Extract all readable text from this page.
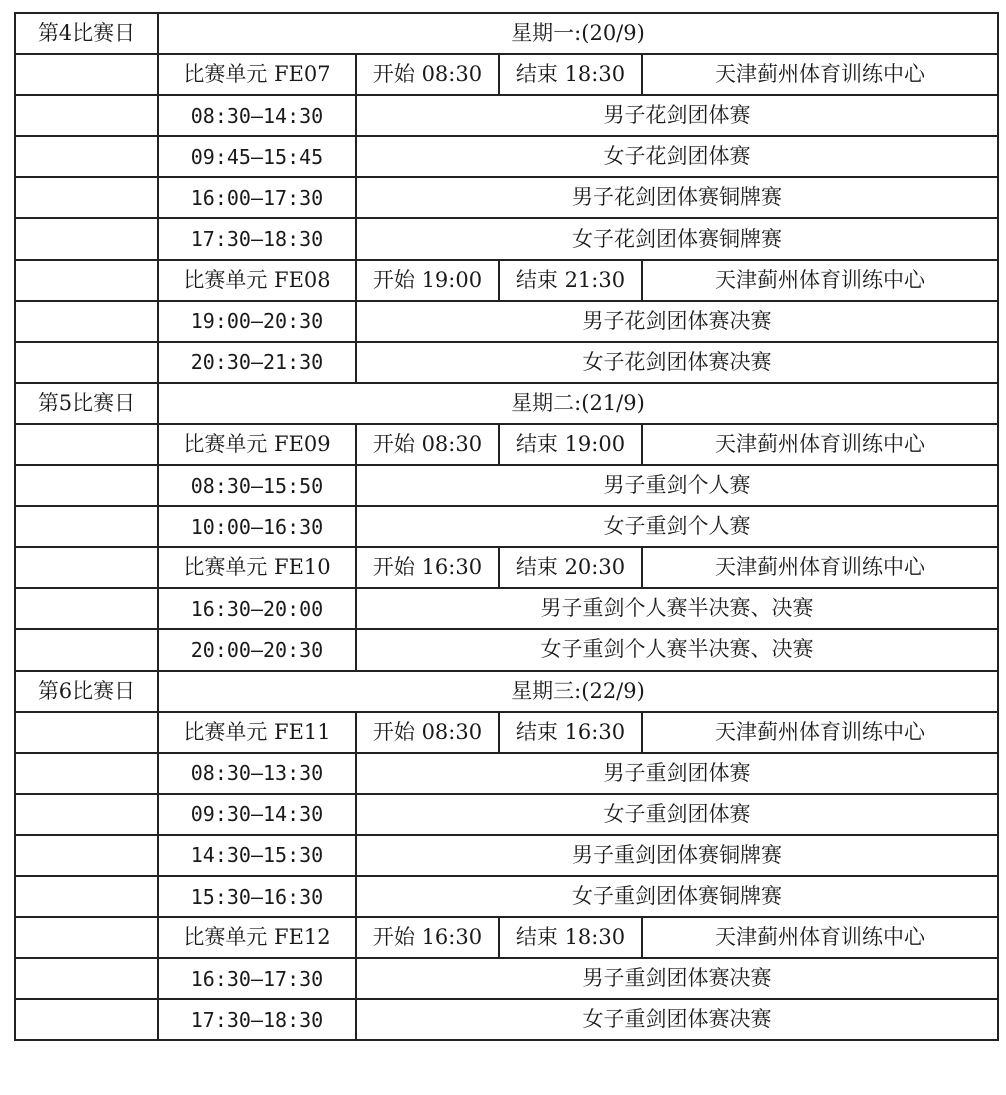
第4比赛日	星期一:(20/9)			
	比赛单元 FE07	开始 08:30	结束 18:30	天津蓟州体育训练中心
	08:30—14:30	男子花剑团体赛		
	09:45—15:45	女子花剑团体赛		
	16:00—17:30	男子花剑团体赛铜牌赛		
	17:30—18:30	女子花剑团体赛铜牌赛		
	比赛单元 FE08	开始 19:00	结束 21:30	天津蓟州体育训练中心
	19:00—20:30	男子花剑团体赛决赛		
	20:30—21:30	女子花剑团体赛决赛		
第5比赛日	星期二:(21/9)			
	比赛单元 FE09	开始 08:30	结束 19:00	天津蓟州体育训练中心
	08:30—15:50	男子重剑个人赛		
	10:00—16:30	女子重剑个人赛		
	比赛单元 FE10	开始 16:30	结束 20:30	天津蓟州体育训练中心
	16:30—20:00	男子重剑个人赛半决赛、决赛		
	20:00—20:30	女子重剑个人赛半决赛、决赛		
第6比赛日	星期三:(22/9)			
	比赛单元 FE11	开始 08:30	结束 16:30	天津蓟州体育训练中心
	08:30—13:30	男子重剑团体赛		
	09:30—14:30	女子重剑团体赛		
	14:30—15:30	男子重剑团体赛铜牌赛		
	15:30—16:30	女子重剑团体赛铜牌赛		
	比赛单元 FE12	开始 16:30	结束 18:30	天津蓟州体育训练中心
	16:30—17:30	男子重剑团体赛决赛		
	17:30—18:30	女子重剑团体赛决赛		
